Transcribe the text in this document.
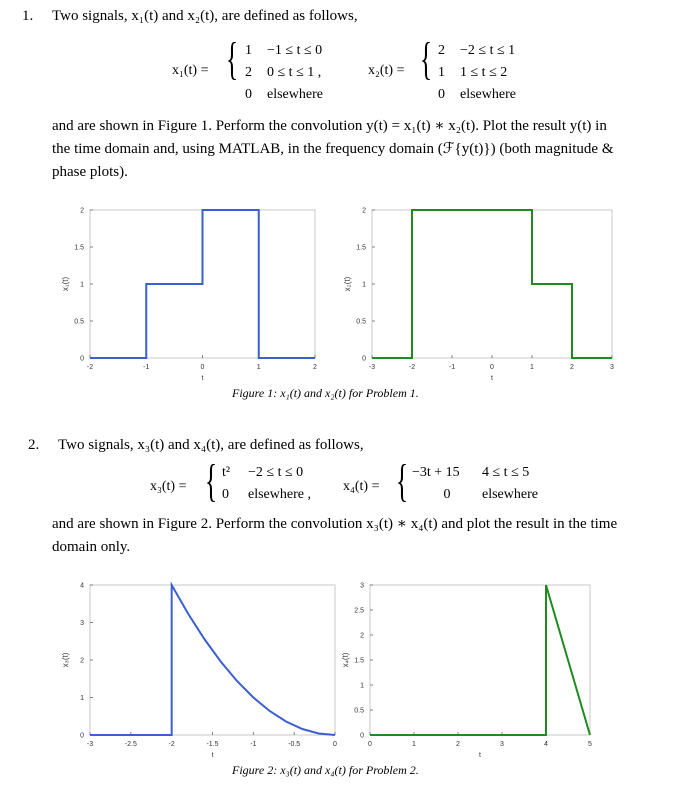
1. Two signals, x₁(t) and x₂(t), are defined as follows,
x₁(t) = { 1 −1 ≤ t ≤ 0
2 0 ≤ t ≤ 1 ,
0 elsewhere
x₂(t) = { 2 −2 ≤ t ≤ 1
1 1 ≤ t ≤ 2
0 elsewhere
and are shown in Figure 1. Perform the convolution y(t) = x₁(t) ∗ x₂(t). Plot the result y(t) in
the time domain and, using MATLAB, in the frequency domain (ℱ{y(t)}) (both magnitude &
phase plots).
-2	-1	0	1	2
0
0.5
1
1.5
2
t
x₁(t)
-3	-2	-1	0	1	2	3
0
0.5
1
1.5
2
t
x₂(t)
Figure 1: x₁(t) and x₂(t) for Problem 1.
2. Two signals, x₃(t) and x₄(t), are defined as follows,
x₃(t) = { t² −2 ≤ t ≤ 0
0 elsewhere ,
x₄(t) = { −3t + 15 4 ≤ t ≤ 5
0 elsewhere
and are shown in Figure 2. Perform the convolution x₃(t) ∗ x₄(t) and plot the result in the time
domain only.
-3	-2.5	-2	-1.5	-1	-0.5	0
0
1
2
3
4
t
x₃(t)
0	1	2	3	4	5
0
0.5
1
1.5
2
2.5
3
t
x₄(t)
Figure 2: x₃(t) and x₄(t) for Problem 2.
